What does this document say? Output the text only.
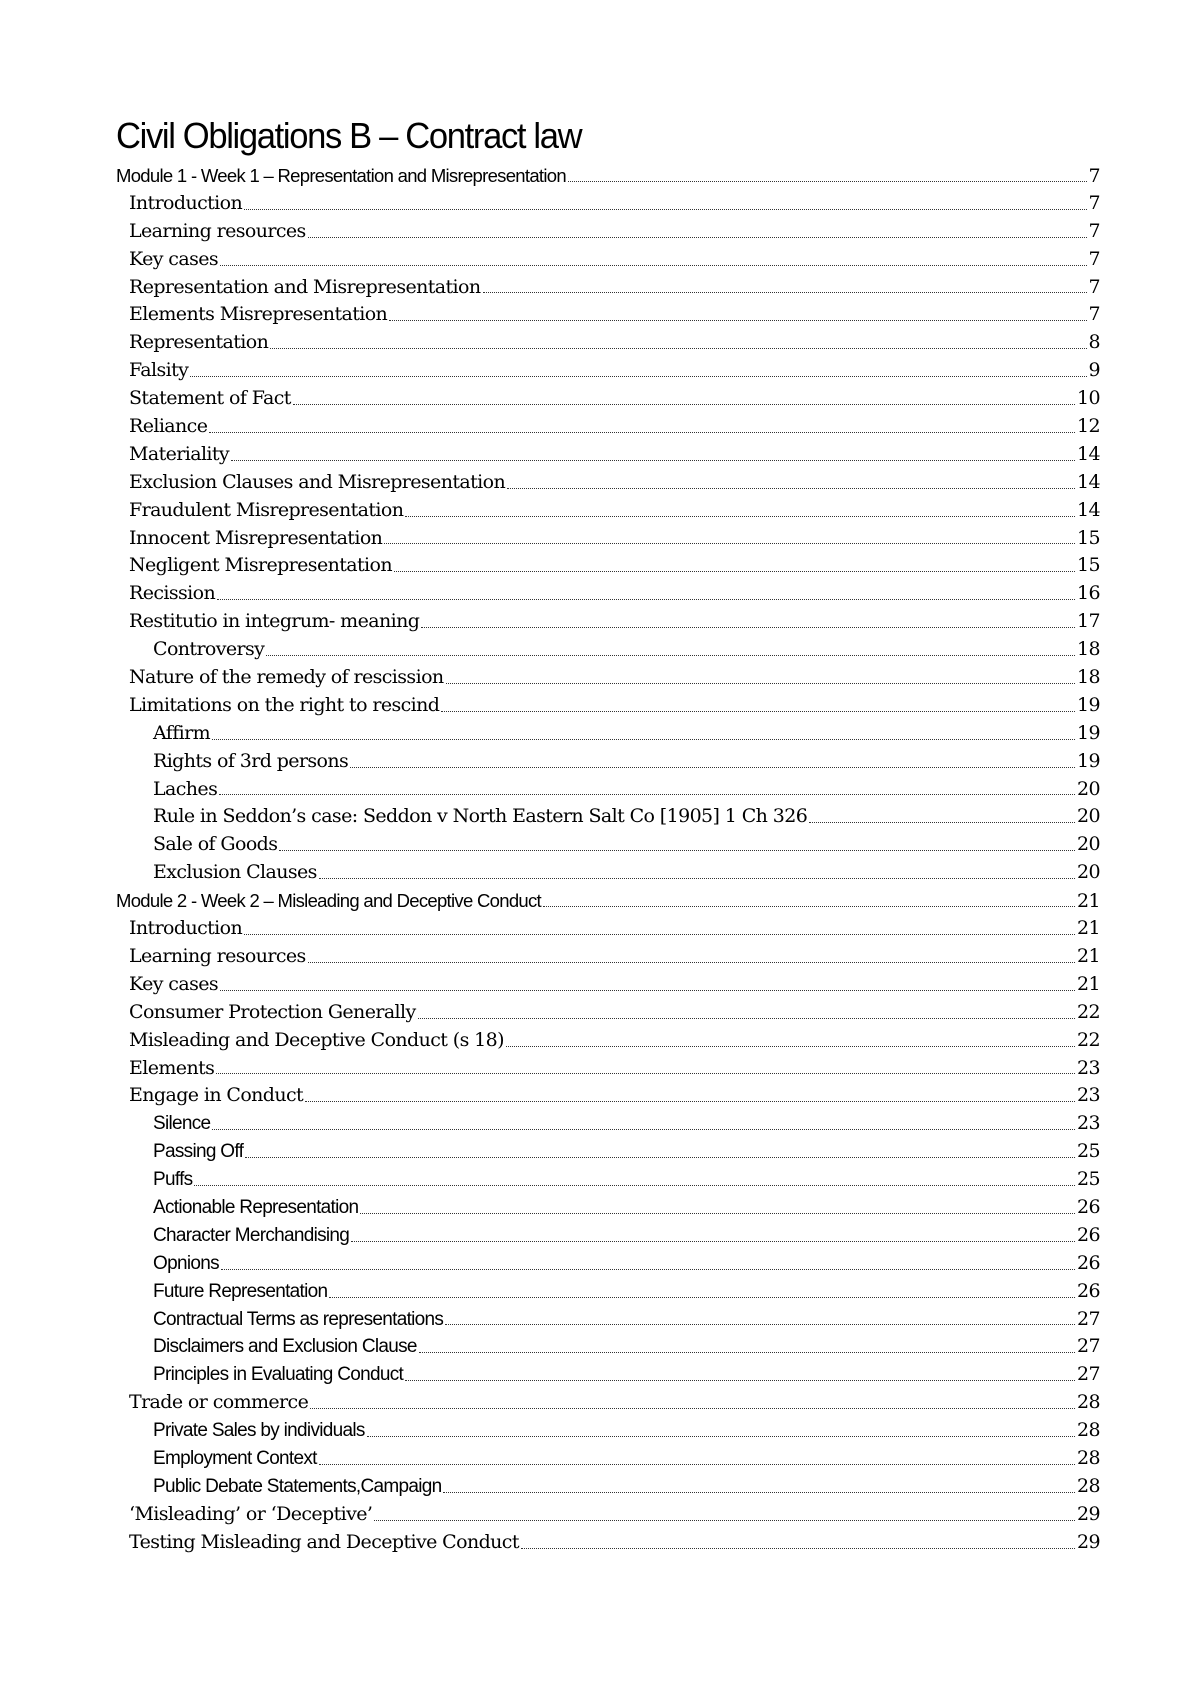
Civil Obligations B – Contract law
Module 1 - Week 1 – Representation and Misrepresentation	7
Introduction	7
Learning resources	7
Key cases	7
Representation and Misrepresentation	7
Elements Misrepresentation	7
Representation	8
Falsity	9
Statement of Fact	10
Reliance	12
Materiality	14
Exclusion Clauses and Misrepresentation	14
Fraudulent Misrepresentation	14
Innocent Misrepresentation	15
Negligent Misrepresentation	15
Recission	16
Restitutio in integrum- meaning	17
Controversy	18
Nature of the remedy of rescission	18
Limitations on the right to rescind	19
Affirm	19
Rights of 3rd persons	19
Laches	20
Rule in Seddon’s case: Seddon v North Eastern Salt Co [1905] 1 Ch 326	20
Sale of Goods	20
Exclusion Clauses	20
Module 2 - Week 2 – Misleading and Deceptive Conduct	21
Introduction	21
Learning resources	21
Key cases	21
Consumer Protection Generally	22
Misleading and Deceptive Conduct (s 18)	22
Elements	23
Engage in Conduct	23
Silence	23
Passing Off	25
Puffs	25
Actionable Representation	26
Character Merchandising	26
Opnions	26
Future Representation	26
Contractual Terms as representations	27
Disclaimers and Exclusion Clause	27
Principles in Evaluating Conduct	27
Trade or commerce	28
Private Sales by individuals	28
Employment Context	28
Public Debate Statements,Campaign	28
‘Misleading’ or ‘Deceptive’	29
Testing Misleading and Deceptive Conduct	29
